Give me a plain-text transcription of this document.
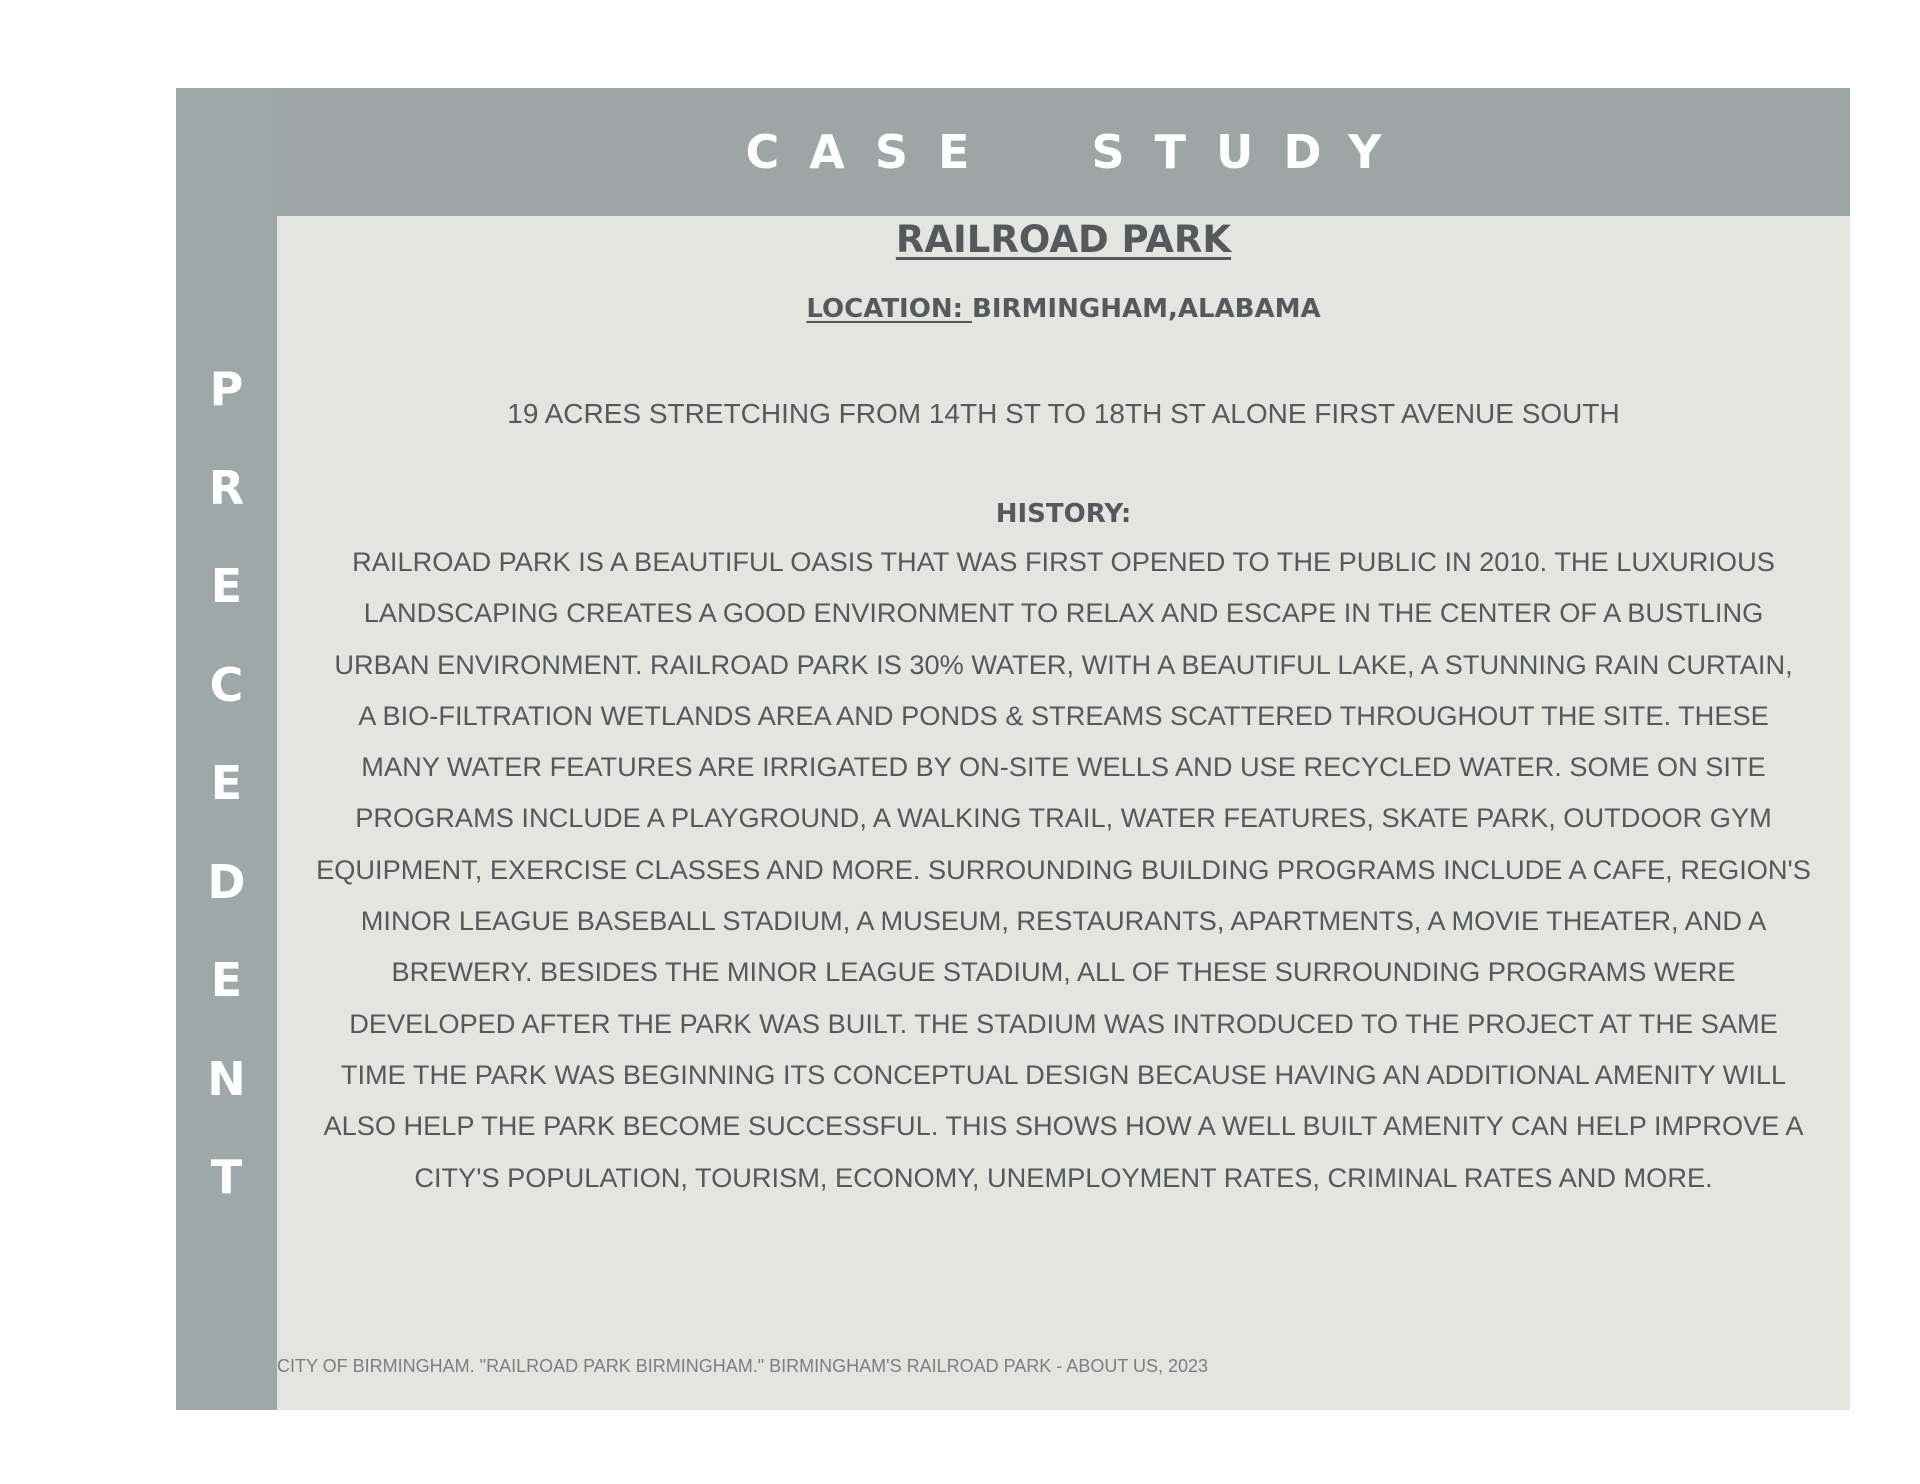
P
R
E
C
E
D
E
N
T
CASE  STUDY
RAILROAD PARK
LOCATION: BIRMINGHAM,ALABAMA
19 ACRES STRETCHING FROM 14TH ST TO 18TH ST ALONE FIRST AVENUE SOUTH
HISTORY:
RAILROAD PARK IS A BEAUTIFUL OASIS THAT WAS FIRST OPENED TO THE PUBLIC IN 2010. THE LUXURIOUS
LANDSCAPING CREATES A GOOD ENVIRONMENT TO RELAX AND ESCAPE IN THE CENTER OF A BUSTLING
URBAN ENVIRONMENT. RAILROAD PARK IS 30% WATER, WITH A BEAUTIFUL LAKE, A STUNNING RAIN CURTAIN,
A BIO-FILTRATION WETLANDS AREA AND PONDS & STREAMS SCATTERED THROUGHOUT THE SITE. THESE
MANY WATER FEATURES ARE IRRIGATED BY ON-SITE WELLS AND USE RECYCLED WATER. SOME ON SITE
PROGRAMS INCLUDE A PLAYGROUND, A WALKING TRAIL, WATER FEATURES, SKATE PARK, OUTDOOR GYM
EQUIPMENT, EXERCISE CLASSES AND MORE. SURROUNDING BUILDING PROGRAMS INCLUDE A CAFE, REGION'S
MINOR LEAGUE BASEBALL STADIUM, A MUSEUM, RESTAURANTS, APARTMENTS, A MOVIE THEATER, AND A
BREWERY. BESIDES THE MINOR LEAGUE STADIUM, ALL OF THESE SURROUNDING PROGRAMS WERE
DEVELOPED AFTER THE PARK WAS BUILT. THE STADIUM WAS INTRODUCED TO THE PROJECT AT THE SAME
TIME THE PARK WAS BEGINNING ITS CONCEPTUAL DESIGN BECAUSE HAVING AN ADDITIONAL AMENITY WILL
ALSO HELP THE PARK BECOME SUCCESSFUL. THIS SHOWS HOW A WELL BUILT AMENITY CAN HELP IMPROVE A
CITY'S POPULATION, TOURISM, ECONOMY, UNEMPLOYMENT RATES, CRIMINAL RATES AND MORE.
CITY OF BIRMINGHAM. "RAILROAD PARK BIRMINGHAM." BIRMINGHAM'S RAILROAD PARK - ABOUT US, 2023
